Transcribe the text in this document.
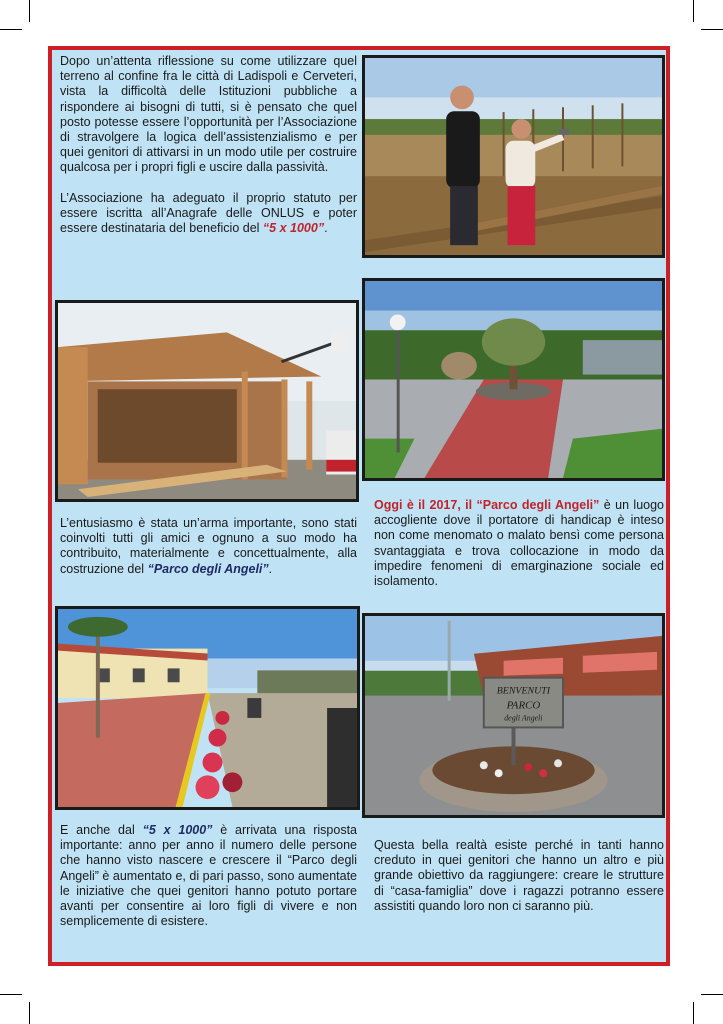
Dopo un’attenta riflessione su come utilizzare quel terreno al confine fra le città di Ladispoli e Cerveteri, vista la difficoltà delle Istituzioni pubbliche a rispondere ai bisogni di tutti, si è pensato che quel posto potesse essere l’opportunità per l’Associazione di stravolgere la logica dell’assistenzialismo e per quei genitori di attivarsi in un modo utile per costruire qualcosa per i propri figli e uscire dalla passività.

L’Associazione ha adeguato il proprio statuto per essere iscritta all’Anagrafe delle ONLUS e poter essere destinataria del beneficio del “5 x 1000”.

L’entusiasmo è stata un’arma importante, sono stati coinvolti tutti gli amici e ognuno a suo modo ha contribuito, materialmente e concettualmente, alla costruzione del “Parco degli Angeli”.

Oggi è il 2017, il “Parco degli Angeli” è un luogo accogliente dove il portatore di handicap è inteso non come menomato o malato bensì come persona svantaggiata e trova collocazione in modo da impedire fenomeni di emarginazione sociale ed isolamento.

BENVENUTI
PARCO
degli Angeli

E anche dal “5 x 1000” è arrivata una risposta importante: anno per anno il numero delle persone che hanno visto nascere e crescere il “Parco degli Angeli” è aumentato e, di pari passo, sono aumentate le iniziative che quei genitori hanno potuto portare avanti per consentire ai loro figli di vivere e non semplicemente di esistere.

Questa bella realtà esiste perché in tanti hanno creduto in quei genitori che hanno un altro e più grande obiettivo da raggiungere: creare le strutture di “casa-famiglia” dove i ragazzi potranno essere assistiti quando loro non ci saranno più.
